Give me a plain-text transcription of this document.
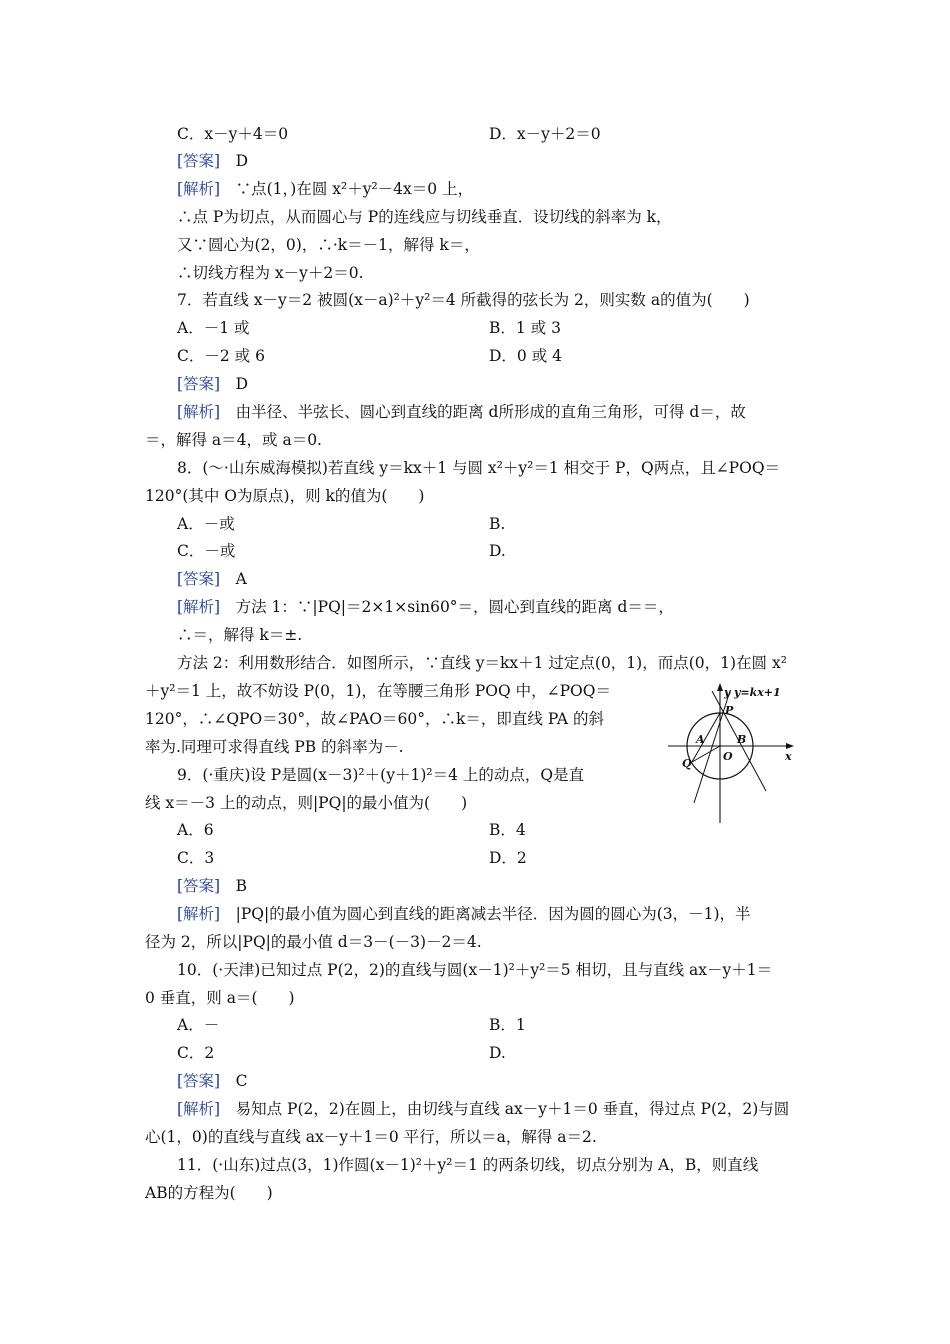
C．x－y＋4＝0	D．x－y＋2＝0
[答案]　 D
[解析]　 ∵点(1，)在圆 x²＋y²－4x＝0 上，
∴点 P为切点，从而圆心与 P的连线应与切线垂直．设切线的斜率为 k，
又∵圆心为(2，0)，∴·k＝－1，解得 k＝，
∴切线方程为 x－y＋2＝0.
7．若直线 x－y＝2 被圆(x－a)²＋y²＝4 所截得的弦长为 2，则实数 a的值为(　　)
A．－1 或	B．1 或 3
C．－2 或 6	D．0 或 4
[答案]　 D
[解析]　 由半径、半弦长、圆心到直线的距离 d所形成的直角三角形，可得 d＝，故
＝，解得 a＝4，或 a＝0.
8．(～·山东威海模拟)若直线 y＝kx＋1 与圆 x²＋y²＝1 相交于 P，Q两点，且∠POQ＝
120°(其中 O为原点)，则 k的值为(　　)
A．－或	B.
C．－或	D.
[答案]　 A
[解析]　 方法 1：∵|PQ|＝2×1×sin60°＝，圆心到直线的距离 d＝＝，
∴＝，解得 k＝±.
方法 2：利用数形结合．如图所示，∵直线 y＝kx＋1 过定点(0，1)，而点(0，1)在圆 x²
＋y²＝1 上，故不妨设 P(0，1)，在等腰三角形 POQ 中，∠POQ＝
120°，∴∠QPO＝30°，故∠PAO＝60°，∴k＝，即直线 PA 的斜
率为.同理可求得直线 PB 的斜率为－.
y y=kx+1
x
P
A	B
O
Q
9．(·重庆)设 P是圆(x－3)²＋(y＋1)²＝4 上的动点，Q是直
线 x＝－3 上的动点，则|PQ|的最小值为(　　)
A．6	B．4
C．3	D．2
[答案]　 B
[解析]　 |PQ|的最小值为圆心到直线的距离减去半径．因为圆的圆心为(3，－1)，半
径为 2，所以|PQ|的最小值 d＝3－(－3)－2＝4.
10．(·天津)已知过点 P(2，2)的直线与圆(x－1)²＋y²＝5 相切，且与直线 ax－y＋1＝
0 垂直，则 a＝(　　)
A．－	B．1
C．2	D.
[答案]　 C
[解析]　 易知点 P(2，2)在圆上，由切线与直线 ax－y＋1＝0 垂直，得过点 P(2，2)与圆
心(1，0)的直线与直线 ax－y＋1＝0 平行，所以＝a，解得 a＝2.
11．(·山东)过点(3，1)作圆(x－1)²＋y²＝1 的两条切线，切点分别为 A，B，则直线
AB的方程为(　　)
